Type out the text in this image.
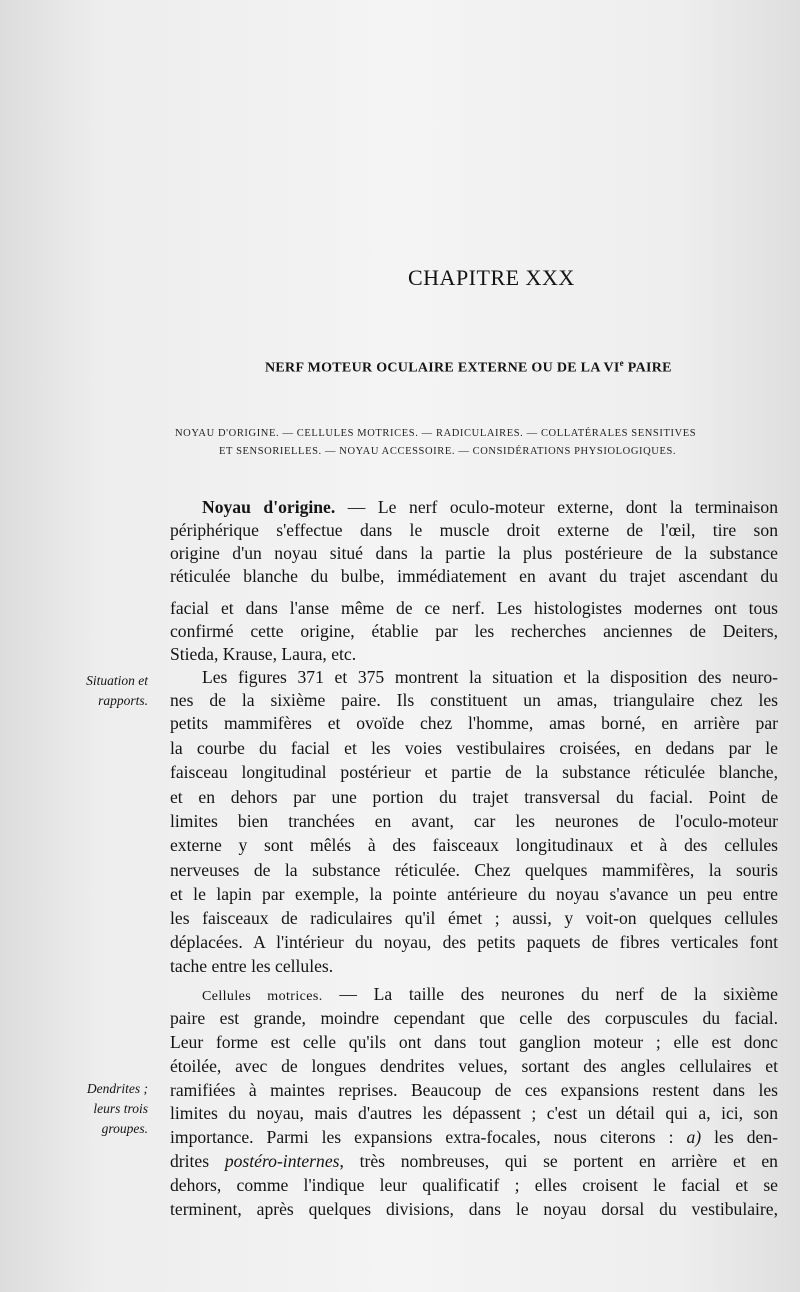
CHAPITRE XXX
NERF MOTEUR OCULAIRE EXTERNE OU DE LA VIe PAIRE
NOYAU D'ORIGINE. — CELLULES MOTRICES. — RADICULAIRES. — COLLATÉRALES SENSITIVES
ET SENSORIELLES. — NOYAU ACCESSOIRE. — CONSIDÉRATIONS PHYSIOLOGIQUES.
Situation et
rapports.
Dendrites ;
leurs trois
groupes.
Noyau d'origine. — Le nerf oculo-moteur externe, dont la terminaison
périphérique s'effectue dans le muscle droit externe de l'œil, tire son
origine d'un noyau situé dans la partie la plus postérieure de la substance
réticulée blanche du bulbe, immédiatement en avant du trajet ascendant du
facial et dans l'anse même de ce nerf. Les histologistes modernes ont tous
confirmé cette origine, établie par les recherches anciennes de Deiters,
Stieda, Krause, Laura, etc.
Les figures 371 et 375 montrent la situation et la disposition des neuro-
nes de la sixième paire. Ils constituent un amas, triangulaire chez les
petits mammifères et ovoïde chez l'homme, amas borné, en arrière par
la courbe du facial et les voies vestibulaires croisées, en dedans par le
faisceau longitudinal postérieur et partie de la substance réticulée blanche,
et en dehors par une portion du trajet transversal du facial. Point de
limites bien tranchées en avant, car les neurones de l'oculo-moteur
externe y sont mêlés à des faisceaux longitudinaux et à des cellules
nerveuses de la substance réticulée. Chez quelques mammifères, la souris
et le lapin par exemple, la pointe antérieure du noyau s'avance un peu entre
les faisceaux de radiculaires qu'il émet ; aussi, y voit-on quelques cellules
déplacées. A l'intérieur du noyau, des petits paquets de fibres verticales font
tache entre les cellules.
Cellules motrices. — La taille des neurones du nerf de la sixième
paire est grande, moindre cependant que celle des corpuscules du facial.
Leur forme est celle qu'ils ont dans tout ganglion moteur ; elle est donc
étoilée, avec de longues dendrites velues, sortant des angles cellulaires et
ramifiées à maintes reprises. Beaucoup de ces expansions restent dans les
limites du noyau, mais d'autres les dépassent ; c'est un détail qui a, ici, son
importance. Parmi les expansions extra-focales, nous citerons : a) les den-
drites postéro-internes, très nombreuses, qui se portent en arrière et en
dehors, comme l'indique leur qualificatif ; elles croisent le facial et se
terminent, après quelques divisions, dans le noyau dorsal du vestibulaire,
